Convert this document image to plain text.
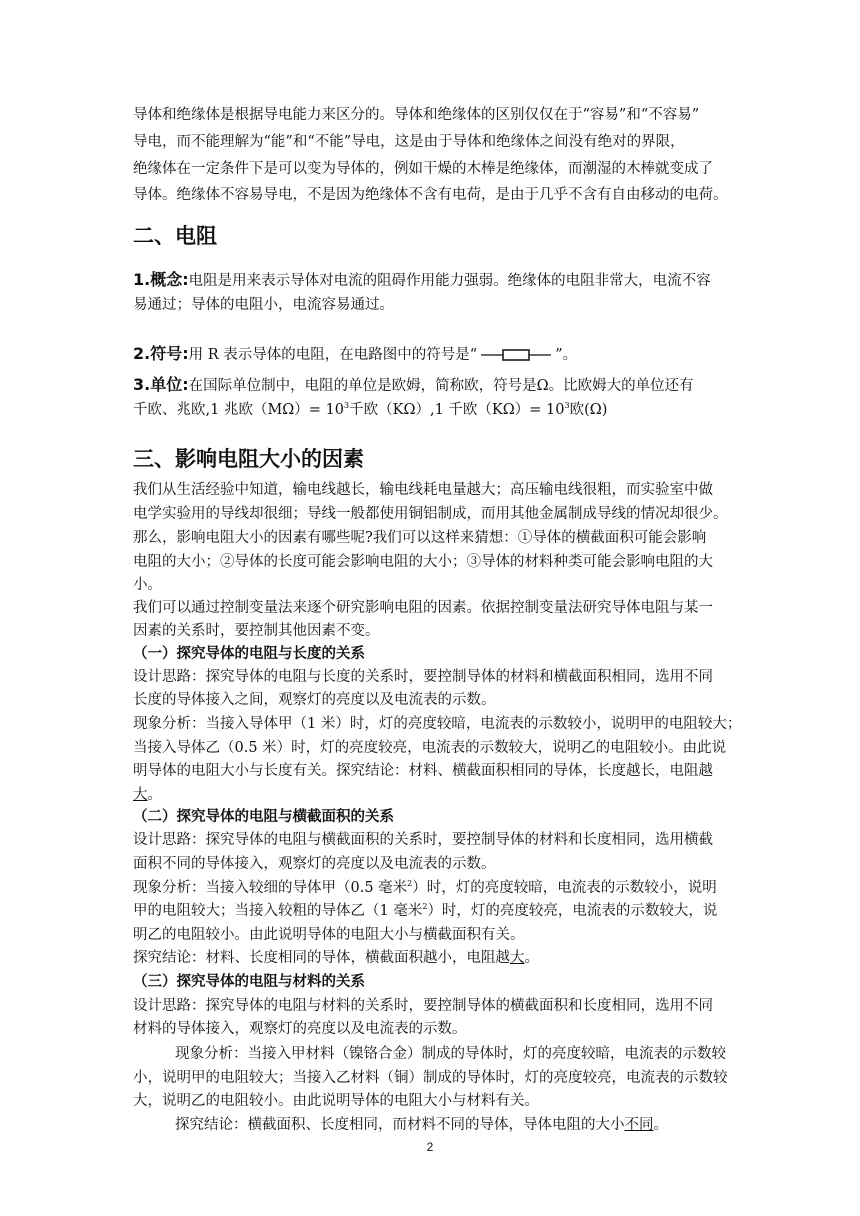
导体和绝缘体是根据导电能力来区分的。导体和绝缘体的区别仅仅在于“容易”和“不容易”
导电，而不能理解为“能”和“不能”导电，这是由于导体和绝缘体之间没有绝对的界限，
绝缘体在一定条件下是可以变为导体的，例如干燥的木棒是绝缘体，而潮湿的木棒就变成了
导体。绝缘体不容易导电，不是因为绝缘体不含有电荷，是由于几乎不含有自由移动的电荷。
二、电阻
1.概念:电阻是用来表示导体对电流的阻碍作用能力强弱。绝缘体的电阻非常大，电流不容
易通过；导体的电阻小，电流容易通过。
2.符号:用 R 表示导体的电阻，在电路图中的符号是“	”。
3.单位:在国际单位制中，电阻的单位是欧姆，简称欧，符号是Ω。比欧姆大的单位还有
千欧、兆欧,1 兆欧$(M\Omega)= 10^3$千欧（KΩ）,1 千欧$(K\Omega)= 10^3$欧(Ω)
三、影响电阻大小的因素
我们从生活经验中知道，输电线越长，输电线耗电量越大；高压输电线很粗，而实验室中做
电学实验用的导线却很细；导线一般都使用铜铝制成，而用其他金属制成导线的情况却很少。
那么，影响电阻大小的因素有哪些呢?我们可以这样来猜想：①导体的横截面积可能会影响
电阻的大小；②导体的长度可能会影响电阻的大小；③导体的材料种类可能会影响电阻的大
小。
我们可以通过控制变量法来逐个研究影响电阻的因素。依据控制变量法研究导体电阻与某一
因素的关系时，要控制其他因素不变。
（一）探究导体的电阻与长度的关系
设计思路：探究导体的电阻与长度的关系时，要控制导体的材料和横截面积相同，选用不同
长度的导体接入之间，观察灯的亮度以及电流表的示数。
现象分析：当接入导体甲（1 米）时，灯的亮度较暗，电流表的示数较小，说明甲的电阻较大；
当接入导体乙（0.5 米）时，灯的亮度较亮，电流表的示数较大，说明乙的电阻较小。由此说
明导体的电阻大小与长度有关。探究结论：材料、横截面积相同的导体，长度越长，电阻越
大。
（二）探究导体的电阻与横截面积的关系
设计思路：探究导体的电阻与横截面积的关系时，要控制导体的材料和长度相同，选用横截
面积不同的导体接入，观察灯的亮度以及电流表的示数。
现象分析：当接入较细的导体甲（0.5 毫米$^2$）时，灯的亮度较暗，电流表的示数较小，说明
甲的电阻较大；当接入较粗的导体乙（1 毫米$^2$）时，灯的亮度较亮，电流表的示数较大，说
明乙的电阻较小。由此说明导体的电阻大小与横截面积有关。
探究结论：材料、长度相同的导体，横截面积越小，电阻越大。
（三）探究导体的电阻与材料的关系
设计思路：探究导体的电阻与材料的关系时，要控制导体的横截面积和长度相同，选用不同
材料的导体接入，观察灯的亮度以及电流表的示数。
现象分析：当接入甲材料（镍铬合金）制成的导体时，灯的亮度较暗，电流表的示数较
小，说明甲的电阻较大；当接入乙材料（铜）制成的导体时，灯的亮度较亮，电流表的示数较
大，说明乙的电阻较小。由此说明导体的电阻大小与材料有关。
探究结论：横截面积、长度相同，而材料不同的导体，导体电阻的大小不同。
2
